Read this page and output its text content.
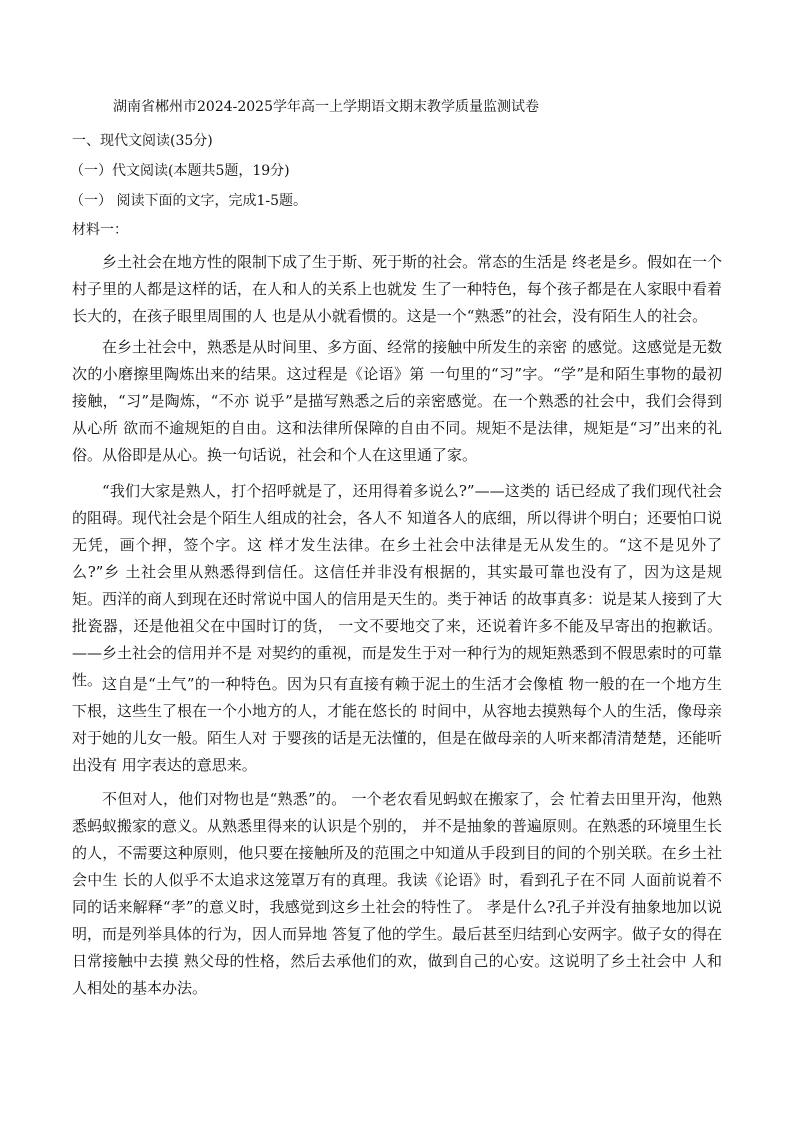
湖南省郴州市2024-2025学年高一上学期语文期末教学质量监测试卷
一、现代文阅读(35分)
（一）代文阅读(本题共5题，19分)
（一） 阅读下面的文字，完成1-5题。
材料一：

乡土社会在地方性的限制下成了生于斯、死于斯的社会。常态的生活是 终老是乡。假如在一个村子里的人都是这样的话，在人和人的关系上也就发 生了一种特色，每个孩子都是在人家眼中看着长大的，在孩子眼里周围的人 也是从小就看惯的。这是一个“熟悉”的社会，没有陌生人的社会。

在乡土社会中，熟悉是从时间里、多方面、经常的接触中所发生的亲密 的感觉。这感觉是无数次的小磨擦里陶炼出来的结果。这过程是《论语》第 一句里的“习”字。“学”是和陌生事物的最初接触，“习”是陶炼，“不亦 说乎”是描写熟悉之后的亲密感觉。在一个熟悉的社会中，我们会得到从心所 欲而不逾规矩的自由。这和法律所保障的自由不同。规矩不是法律，规矩是“习”出来的礼俗。从俗即是从心。换一句话说，社会和个人在这里通了家。

“我们大家是熟人，打个招呼就是了，还用得着多说么?”——这类的 话已经成了我们现代社会的阻碍。现代社会是个陌生人组成的社会，各人不 知道各人的底细，所以得讲个明白；还要怕口说无凭，画个押，签个字。这 样才发生法律。在乡土社会中法律是无从发生的。“这不是见外了么?”乡 土社会里从熟悉得到信任。这信任并非没有根据的，其实最可靠也没有了，因为这是规矩。西洋的商人到现在还时常说中国人的信用是天生的。类于神话 的故事真多：说是某人接到了大批瓷器，还是他祖父在中国时订的货， 一文不要地交了来，还说着许多不能及早寄出的抱歉话。 ——乡土社会的信用并不是 对契约的重视，而是发生于对一种行为的规矩熟悉到不假思索时的可靠性。 这自是“土气”的一种特色。因为只有直接有赖于泥土的生活才会像植 物一般的在一个地方生下根，这些生了根在一个小地方的人，才能在悠长的 时间中，从容地去摸熟每个人的生活，像母亲对于她的儿女一般。陌生人对 于婴孩的话是无法懂的，但是在做母亲的人听来都清清楚楚，还能听出没有 用字表达的意思来。

不但对人，他们对物也是“熟悉”的。 一个老农看见蚂蚁在搬家了，会 忙着去田里开沟，他熟悉蚂蚁搬家的意义。从熟悉里得来的认识是个别的， 并不是抽象的普遍原则。在熟悉的环境里生长的人，不需要这种原则，他只要在接触所及的范围之中知道从手段到目的间的个别关联。在乡土社会中生 长的人似乎不太追求这笼罩万有的真理。我读《论语》时，看到孔子在不同 人面前说着不同的话来解释“孝”的意义时，我感觉到这乡土社会的特性了。 孝是什么?孔子并没有抽象地加以说明，而是列举具体的行为，因人而异地 答复了他的学生。最后甚至归结到心安两字。做子女的得在日常接触中去摸 熟父母的性格，然后去承他们的欢，做到自己的心安。这说明了乡土社会中 人和人相处的基本办法。
